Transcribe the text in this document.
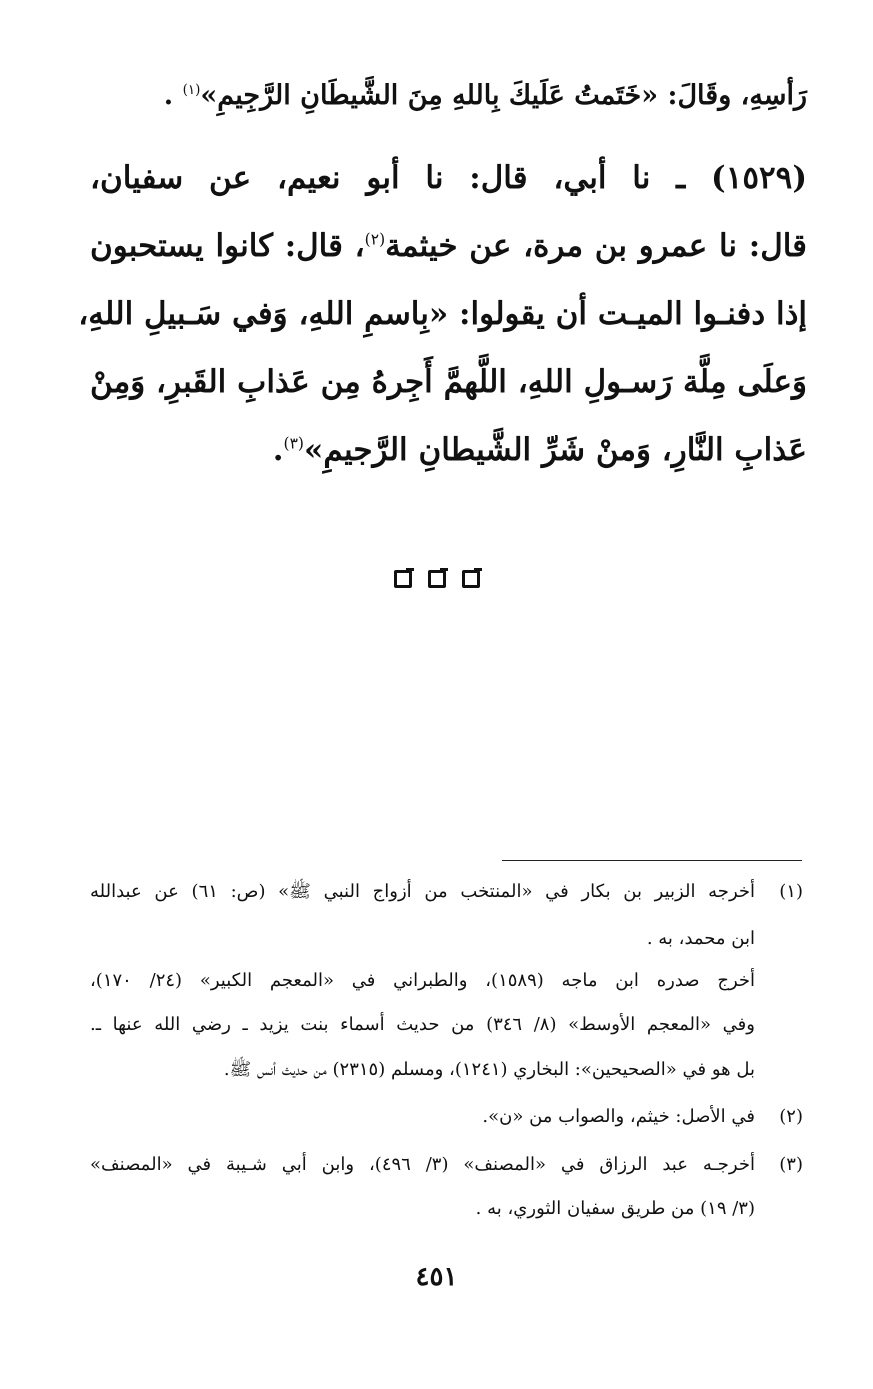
رَأسِهِ، وقَالَ: «خَتَمتُ عَلَيكَ بِاللهِ مِنَ الشَّيطَانِ الرَّجِيمِ»$^{(١)}$ .
(١٥٢٩) ـ نا أبي، قال: نا أبو نعيم، عن سفيان،
قال: نا عمرو بن مرة، عن خيثمة$^{(٢)}$، قال: كانوا يستحبون
إذا دفنـوا الميـت أن يقولوا: «بِاسمِ اللهِ، وَفي سَـبيلِ اللهِ،
وَعلَى مِلَّة رَسـولِ اللهِ، اللَّهمَّ أَجِرهُ مِن عَذابِ القَبرِ، وَمِنْ
عَذابِ النَّارِ، وَمنْ شَرِّ الشَّيطانِ الرَّجيمِ»$^{(٣)}$.
(١)أخرجه الزبير بن بكار في «المنتخب من أزواج النبي ﷺ» (ص: ٦١) عن عبدالله
ابن محمد، به .
أخرج صدره ابن ماجه (١٥٨٩)، والطبراني في «المعجم الكبير» (٢٤/ ١٧٠)،
وفي «المعجم الأوسط» (٨/ ٣٤٦) من حديث أسماء بنت يزيد ـ رضي الله عنها ـ.
بل هو في «الصحيحين»: البخاري (١٢٤١)، ومسلم (٢٣١٥) من حديث أنس ﷺ.
(٢)في الأصل: خيثم، والصواب من «ن».
(٣)أخرجـه عبد الرزاق في «المصنف» (٣/ ٤٩٦)، وابن أبي شـيبة في «المصنف»
(٣/ ١٩) من طريق سفيان الثوري، به .
٤٥١
